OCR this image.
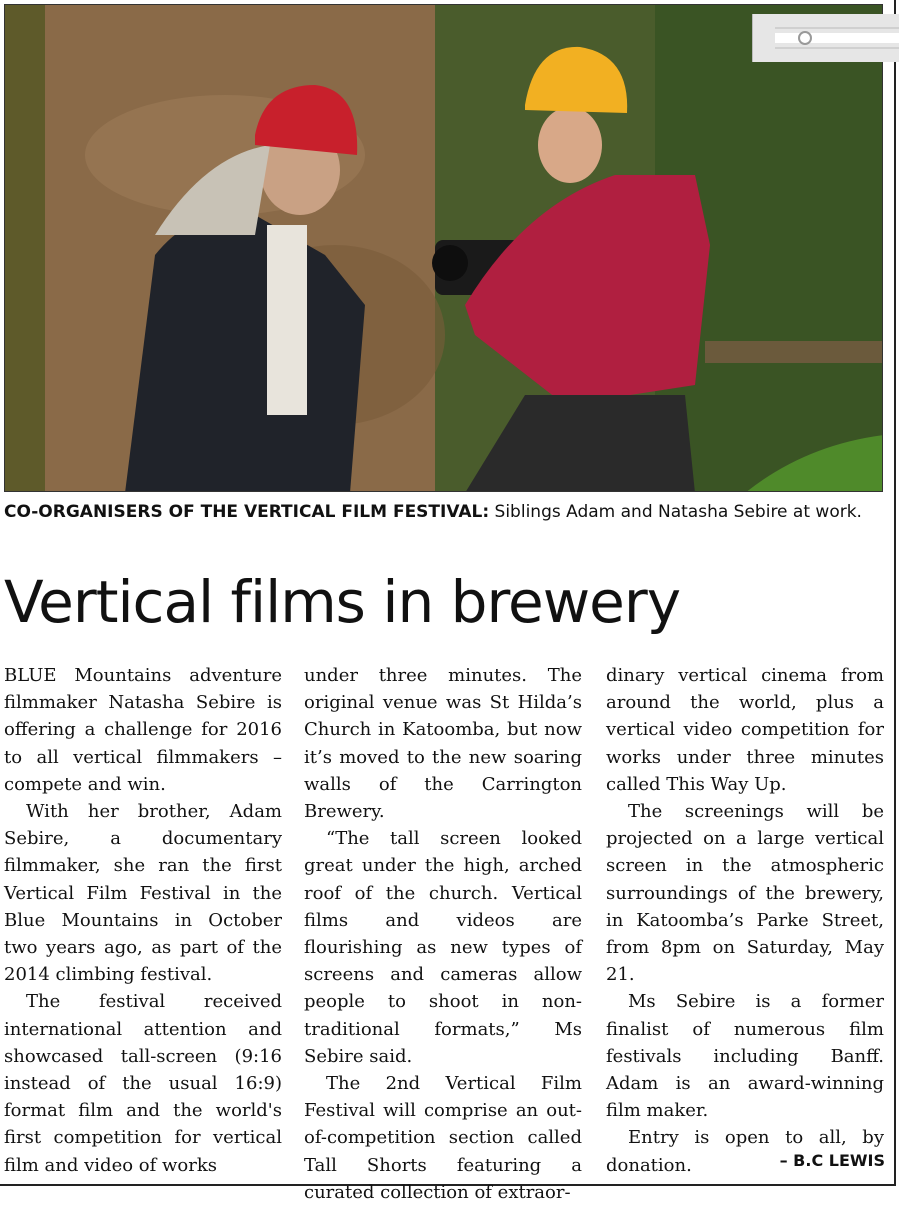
CO-ORGANISERS OF THE VERTICAL FILM FESTIVAL: Siblings Adam and Natasha Sebire at work.
Vertical films in brewery

BLUE Mountains adventure filmmaker Natasha Sebire is offering a challenge for 2016 to all vertical filmmakers – compete and win.

With her brother, Adam Sebire, a documentary filmmaker, she ran the first Vertical Film Festival in the Blue Mountains in October two years ago, as part of the 2014 climbing festival.

The festival received international attention and showcased tall-screen (9:16 instead of the usual 16:9) format film and the world's first competition for vertical film and video of works

under three minutes. The original venue was St Hilda’s Church in Katoomba, but now it’s moved to the new soaring walls of the Carrington Brewery.

“The tall screen looked great under the high, arched roof of the church. Vertical films and videos are flourishing as new types of screens and cameras allow people to shoot in non-traditional formats,” Ms Sebire said.

The 2nd Vertical Film Festival will comprise an out-of-competition section called Tall Shorts featuring a curated collection of extraor-

dinary vertical cinema from around the world, plus a vertical video competition for works under three minutes called This Way Up.

The screenings will be projected on a large vertical screen in the atmospheric surroundings of the brewery, in Katoomba’s Parke Street, from 8pm on Saturday, May 21.

Ms Sebire is a former finalist of numerous film festivals including Banff. Adam is an award-winning film maker.

Entry is open to all, by donation.	– B.C LEWIS
